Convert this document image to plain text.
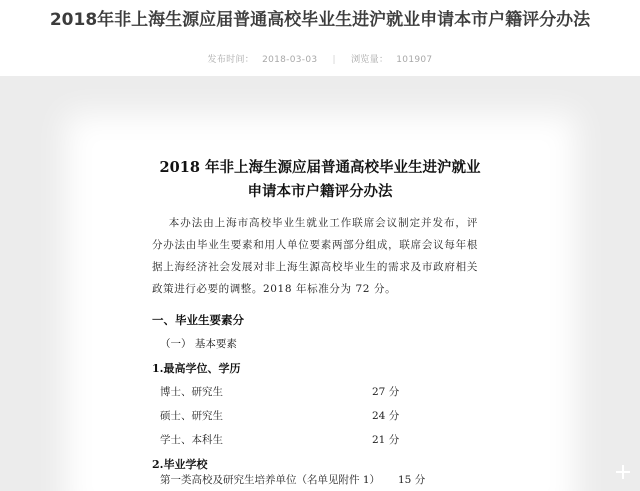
2018年非上海生源应届普通高校毕业生进沪就业申请本市户籍评分办法
发布时间： 2018-03-03 | 浏览量： 101907
2018 年非上海生源应届普通高校毕业生进沪就业
申请本市户籍评分办法
本办法由上海市高校毕业生就业工作联席会议制定并发布，评分办法由毕业生要素和用人单位要素两部分组成，联席会议每年根据上海经济社会发展对非上海生源高校毕业生的需求及市政府相关政策进行必要的调整。2018 年标准分为 72 分。
一、毕业生要素分
（一） 基本要素
1.最高学位、学历
博士、研究生	27 分
硕士、研究生	24 分
学士、本科生	21 分
2.毕业学校
第一类高校及研究生培养单位（名单见附件 1） 15 分
